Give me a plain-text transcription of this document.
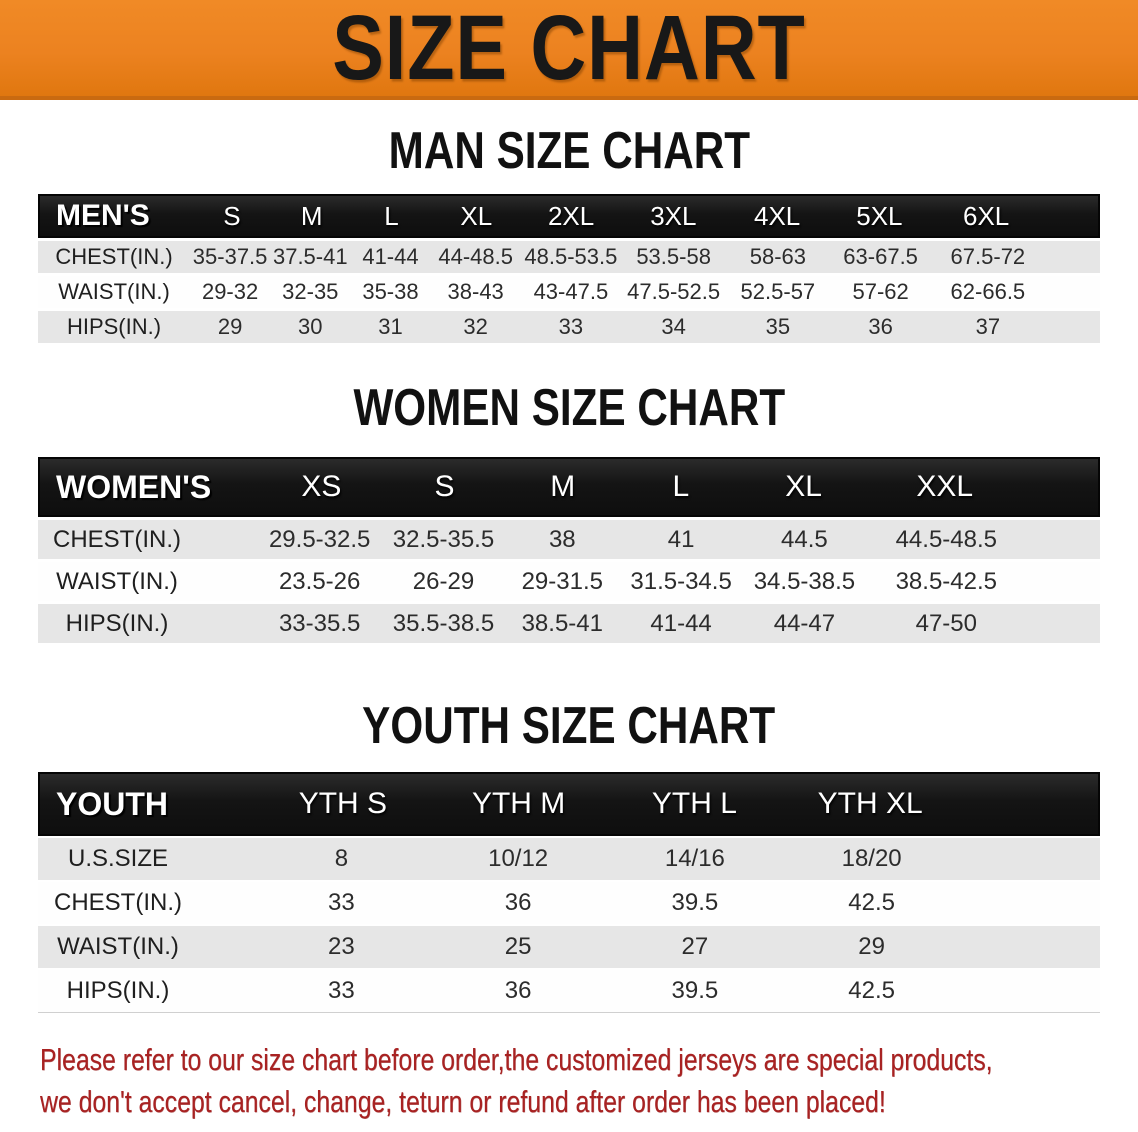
SIZE CHART
MAN SIZE CHART
MEN'S	S	M	L	XL	2XL	3XL	4XL	5XL	6XL
CHEST(IN.) 35-37.5 37.5-41 41-44 44-48.5 48.5-53.5 53.5-58	58-63	63-67.5	67.5-72
WAIST(IN.)	29-32	32-35	35-38	38-43	43-47.5 47.5-52.5 52.5-57	57-62	62-66.5
HIPS(IN.)	29	30	31	32	33	34	35	36	37
WOMEN SIZE CHART
WOMEN'S	XS	S	M	L	XL	XXL
CHEST(IN.)	29.5-32.5 32.5-35.5	38	41	44.5	44.5-48.5
WAIST(IN.)	23.5-26	26-29	29-31.5	31.5-34.5 34.5-38.5	38.5-42.5
HIPS(IN.)	33-35.5	35.5-38.5	38.5-41	41-44	44-47	47-50
YOUTH SIZE CHART
YOUTH	YTH S	YTH M	YTH L	YTH XL
U.S.SIZE	8	10/12	14/16	18/20
CHEST(IN.)	33	36	39.5	42.5
WAIST(IN.)	23	25	27	29
HIPS(IN.)	33	36	39.5	42.5
Please refer to our size chart before order,the customized jerseys are special products,
we don't accept cancel, change, teturn or refund after order has been placed!
